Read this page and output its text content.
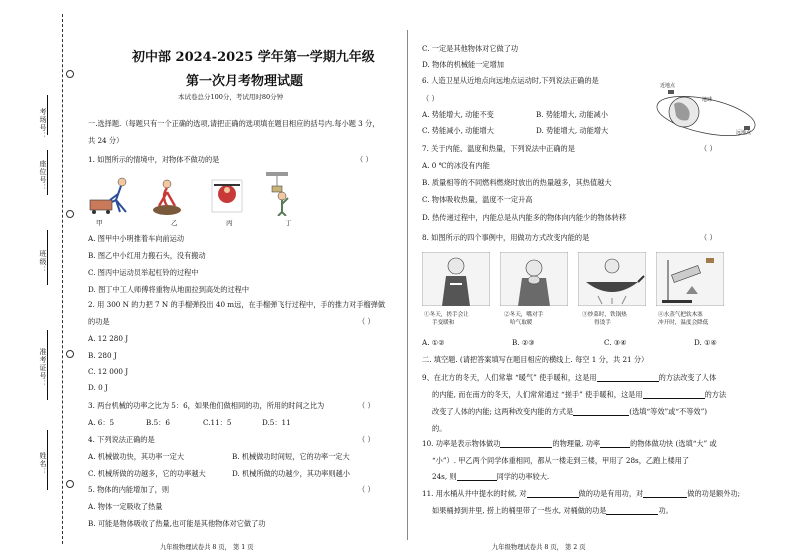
考场号：
座位号：
班级：
准考证号：
姓名：
初中部 2024-2025 学年第一学期九年级
第一次月考物理试题
本试卷总分100分，考试用时80分钟
一.选择题.（每题只有一个正确的选项,请把正确的选项填在题目相应的括号内.每小题 3 分，
共 24 分）
1. 如图所示的情境中，对物体不做功的是	（ ）
甲	乙	丙	丁
A. 图甲中小明推着车向前运动
B. 图乙中小红用力搬石头，没有搬动
C. 图丙中运动员举起杠铃的过程中
D. 图丁中工人师傅将重物从地面拉到高处的过程中
2. 用 300 N 的力把 7 N 的手榴弹投出 40 m远，在手榴弹飞行过程中，手的推力对手榴弹做
的功是	（ ）
A. 12 280 J
B. 280 J
C. 12 000 J
D. 0 J
3. 两台机械的功率之比为 5：6，如果他们做相同的功，所用的时间之比为	（ ）
A. 6：5	B.5：6	C.11：5	D.5：11
4. 下列说法正确的是	（ ）
A. 机械做功快，其功率一定大	B. 机械做功时间短，它的功率一定大
C. 机械所做的功越多，它的功率越大	D. 机械所做的功越少，其功率则越小
5. 物体的内能增加了，则	（ ）
A. 物体一定吸收了热量
B. 可能是物体吸收了热量,也可能是其他物体对它做了功
九年级物理试卷共 8 页， 第 1 页
C. 一定是其他物体对它做了功
D. 物体的机械能一定增加
6. 人造卫星从近地点向远地点运动时,下列说法正确的是
（ ）
A. 势能增大, 动能不变	B. 势能增大, 动能减小
C. 势能减小, 动能增大	D. 势能增大, 动能增大
近地点
地球
远地点
7. 关于内能、温度和热量，下列说法中正确的是	（ ）
A. 0 ℃的冰没有内能
B. 质量相等的不同燃料燃烧时放出的热量越多，其热值越大
C. 物体吸收热量，温度不一定升高
D. 热传递过程中，内能总是从内能多的物体向内能少的物体转移
8. 如图所示的四个事例中，用做功方式改变内能的是	（ ）
①冬天，搓手会让
手变暖和
②冬天，嘴对手
哈气取暖
③炒菜时，铁锅热
得烫手
④水蒸气把软木塞
冲开时，温度会降低
A. ①②	B. ②③	C. ③④	D. ①④
二. 填空题. (请把答案填写在题目相应的横线上. 每空 1 分，共 21 分）
9、在北方的冬天，人们常靠 “暖气” 使手暖和，这是用	的方法改变了人体
的内能, 而在南方的冬天，人们常常通过 “搓手” 使手暖和，这是用	的方法
改变了人体的内能; 这两种改变内能的方式是	(选填“等效”或“不等效”)
的。
10. 功率是表示物体做功	的物理量, 功率	的物体做功快 (选填“大” 或
“小”）. 甲乙两个同学体重相同，都从一楼走到三楼，甲用了 28s，乙跑上楼用了
24s, 则	同学的功率较大.
11. 用水桶从井中提水的时候, 对	做的功是有用功，对	做的功是额外功;
如果桶掉到井里, 捞上的桶里带了一些水, 对桶做的功是	功。
九年级物理试卷共 8 页， 第 2 页
